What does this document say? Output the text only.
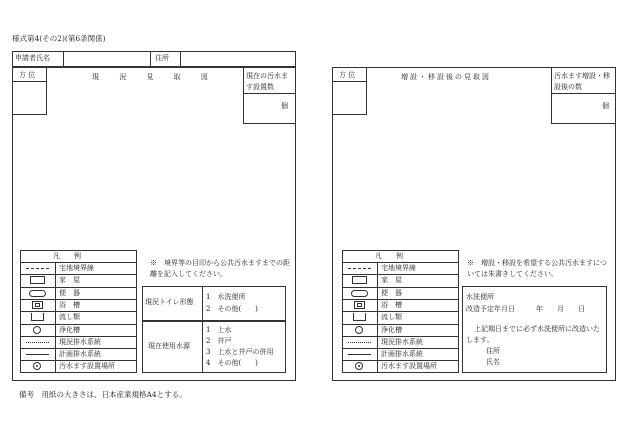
様式第4(その2)(第6条関係)
申請者氏名	住所
方 位	現 況 見 取 図	現在の汚水ます設置数
個
凡　　例
宅地境界線
家　屋
便　器
浴　槽
流し類
浄化槽
現況排水系統
計画排水系統
汚水ます設置場所
※　境界等の目印から公共汚水ますまでの距離を記入してください。
現況トイレ形態
1　水洗便所
2　その他(　　)
現在使用水源
1　上水
2　井戸
3　上水と井戸の併用
4　その他(　　)
方 位	増設・移設後の見取図	汚水ます増設・移設後の数
個
凡　　例
宅地境界線
家　屋
便　器
浴　槽
流し類
浄化槽
現況排水系統
計画排水系統
汚水ます設置場所
※　増設・移設を希望する公共汚水ますについては朱書きしてください。
水洗便所
改造予定年月日　　　年　　月　　日
上記期日までに必ず水洗便所に改造いたします。
住所
氏名
備考　用紙の大きさは、日本産業規格A4とする。
